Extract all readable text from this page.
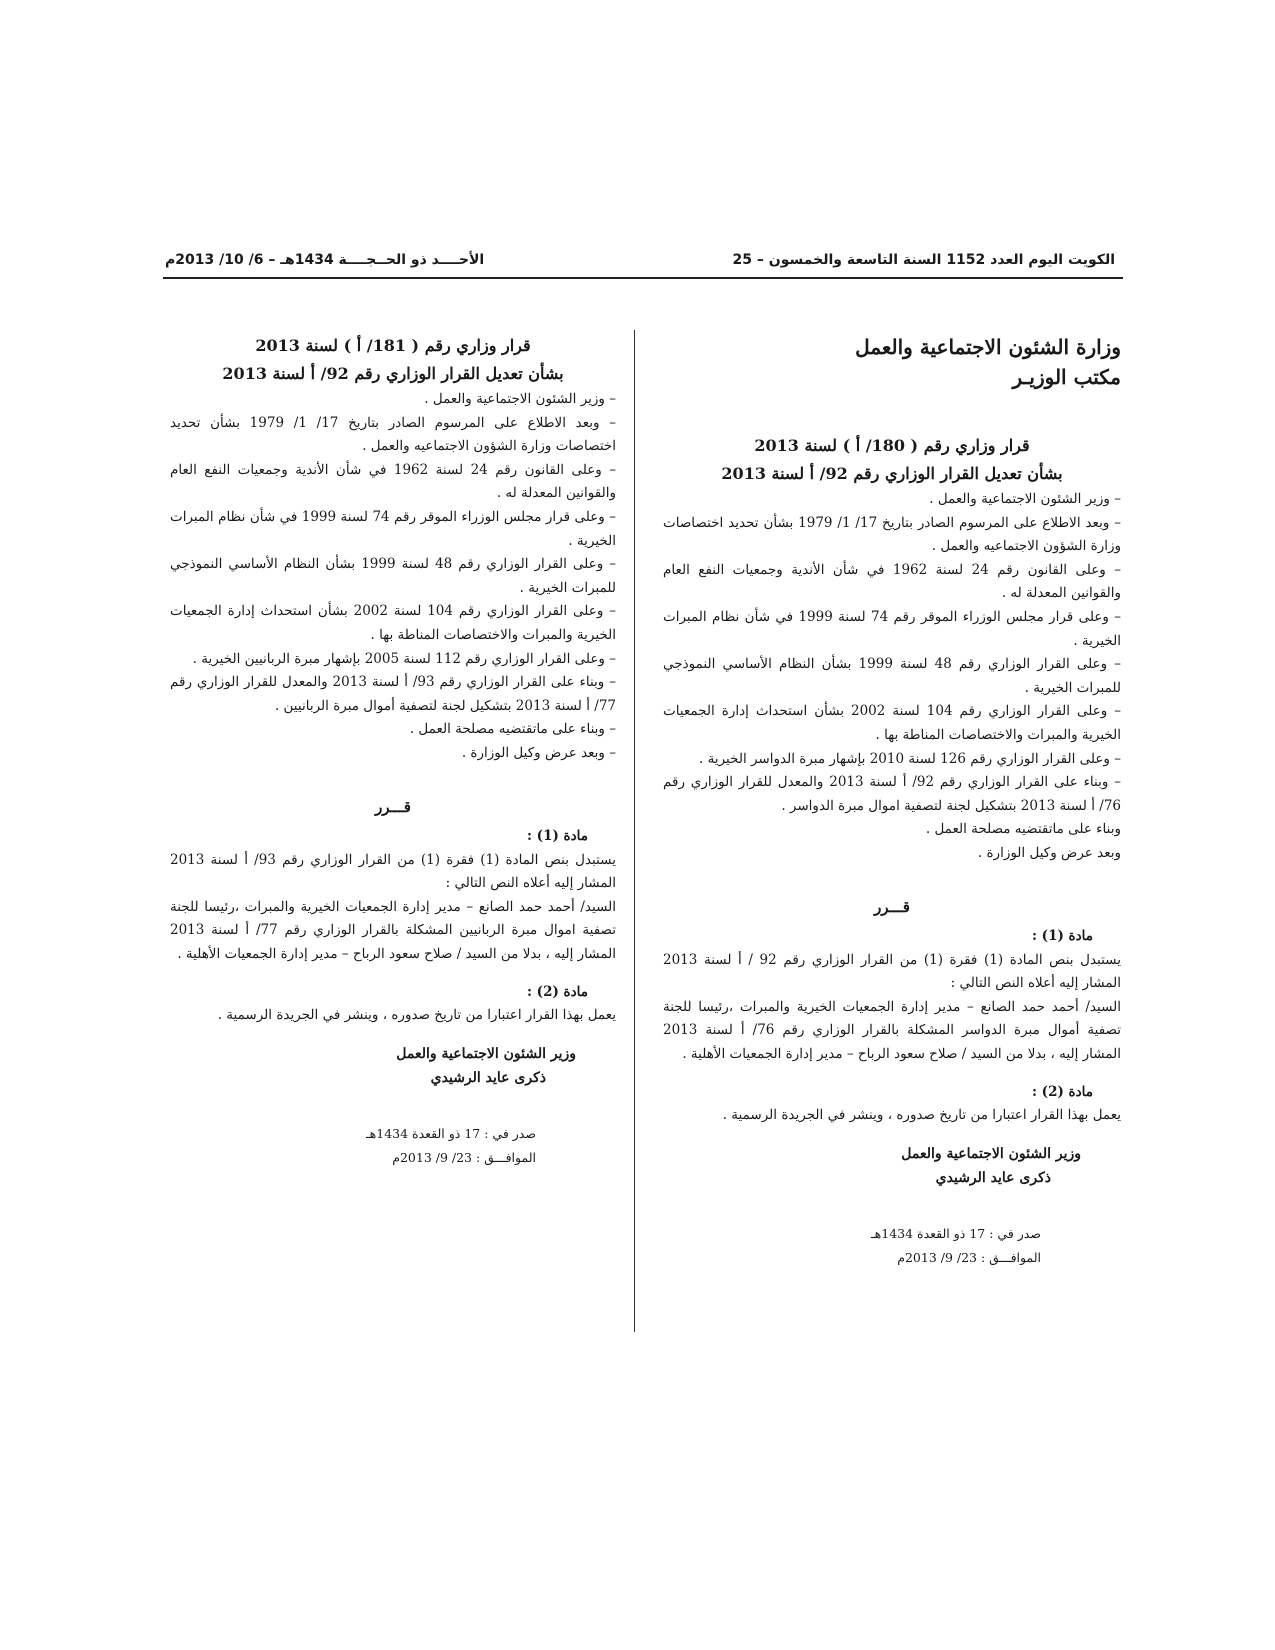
الكويت اليوم العدد 1152 السنة التاسعة والخمسون – 25
الأحــــد ذو الحــجــــة 1434هـ – 6/ 10/ 2013م

وزارة الشئون الاجتماعية والعمل

مكتب الوزيـر

قرار وزاري رقم ( 180/ أ ) لسنة 2013

بشأن تعديل القرار الوزاري رقم 92/ أ لسنة 2013

– وزير الشئون الاجتماعية والعمل .

– وبعد الاطلاع على المرسوم الصادر بتاريخ 17/ 1/ 1979 بشأن تحديد اختصاصات وزارة الشؤون الاجتماعيه والعمل .

– وعلى القانون رقم 24 لسنة 1962 في شأن الأندية وجمعيات النفع العام والقوانين المعدلة له .

– وعلى قرار مجلس الوزراء الموقر رقم 74 لسنة 1999 في شأن نظام المبرات الخيرية .

– وعلى القرار الوزاري رقم 48 لسنة 1999 بشأن النظام الأساسي النموذجي للمبرات الخيرية .

– وعلى القرار الوزاري رقم 104 لسنة 2002 بشأن استحداث إدارة الجمعيات الخيرية والمبرات والاختصاصات المناطة بها .

– وعلى القرار الوزاري رقم 126 لسنة 2010 بإشهار مبرة الدواسر الخيرية .

– وبناء على القرار الوزاري رقم 92/ أ لسنة 2013 والمعدل للقرار الوزاري رقم 76/ أ لسنة 2013 بتشكيل لجنة لتصفية اموال مبرة الدواسر .

وبناء على ماتقتضيه مصلحة العمل .

وبعد عرض وكيل الوزارة .

قـــرر

مادة (1) :

يستبدل بنص المادة (1) فقرة (1) من القرار الوزاري رقم 92 / أ لسنة 2013 المشار إليه أعلاه النص التالي :

السيد/ أحمد حمد الصانع – مدير إدارة الجمعيات الخيرية والمبرات ،رئيسا للجنة تصفية أموال مبرة الدواسر المشكلة بالقرار الوزاري رقم 76/ أ لسنة 2013 المشار إليه ، بدلا من السيد / صلاح سعود الرباح – مدير إدارة الجمعيات الأهلية .

مادة (2) :

يعمل بهذا القرار اعتبارا من تاريخ صدوره ، وينشر في الجريدة الرسمية .

وزير الشئون الاجتماعية والعمل

ذكرى عايد الرشيدي

صدر في : 17 ذو القعدة 1434هـ

الموافـــق : 23/ 9/ 2013م

قرار وزاري رقم ( 181/ أ ) لسنة 2013

بشأن تعديل القرار الوزاري رقم 92/ أ لسنة 2013

– وزير الشئون الاجتماعية والعمل .

– وبعد الاطلاع على المرسوم الصادر بتاريخ 17/ 1/ 1979 بشأن تحديد اختصاصات وزارة الشؤون الاجتماعيه والعمل .

– وعلى القانون رقم 24 لسنة 1962 في شأن الأندية وجمعيات النفع العام والقوانين المعدلة له .

– وعلى قرار مجلس الوزراء الموقر رقم 74 لسنة 1999 في شأن نظام المبرات الخيرية .

– وعلى القرار الوزاري رقم 48 لسنة 1999 بشأن النظام الأساسي النموذجي للمبرات الخيرية .

– وعلى القرار الوزاري رقم 104 لسنة 2002 بشأن استحداث إدارة الجمعيات الخيرية والمبرات والاختصاصات المناطة بها .

– وعلى القرار الوزاري رقم 112 لسنة 2005 بإشهار مبرة الربانيين الخيرية .

– وبناء على القرار الوزاري رقم 93/ أ لسنة 2013 والمعدل للقرار الوزاري رقم 77/ أ لسنة 2013 بتشكيل لجنة لتصفية أموال مبرة الربانيين .

– وبناء على ماتقتضيه مصلحة العمل .

– وبعد عرض وكيل الوزارة .

قـــرر

مادة (1) :

يستبدل بنص المادة (1) فقرة (1) من القرار الوزاري رقم 93/ أ لسنة 2013 المشار إليه أعلاه النص التالي :

السيد/ أحمد حمد الصانع – مدير إدارة الجمعيات الخيرية والمبرات ،رئيسا للجنة تصفية اموال مبرة الربانيين المشكلة بالقرار الوزاري رقم 77/ أ لسنة 2013 المشار إليه ، بدلا من السيد / صلاح سعود الرباح – مدير إدارة الجمعيات الأهلية .

مادة (2) :

يعمل بهذا القرار اعتبارا من تاريخ صدوره ، وينشر في الجريدة الرسمية .

وزير الشئون الاجتماعية والعمل

ذكرى عايد الرشيدي

صدر في : 17 ذو القعدة 1434هـ

الموافـــق : 23/ 9/ 2013م
